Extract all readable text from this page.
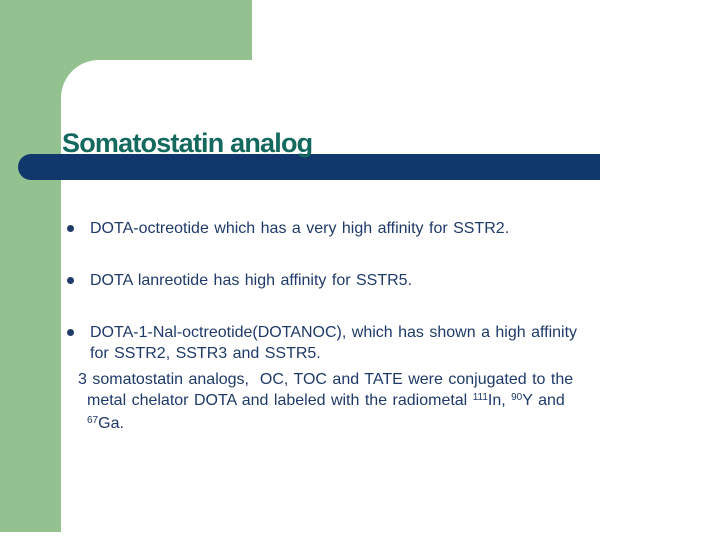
Somatostatin analog
DOTA-octreotide which has a very high affinity for SSTR2.
DOTA lanreotide has high affinity for SSTR5.
DOTA-1-Nal-octreotide(DOTANOC), which has shown a high affinity
for SSTR2, SSTR3 and SSTR5.
3 somatostatin analogs,  OC, TOC and TATE were conjugated to the
metal chelator DOTA and labeled with the radiometal $^{111}$In, $^{90}$Y and
$^{67}$Ga.
